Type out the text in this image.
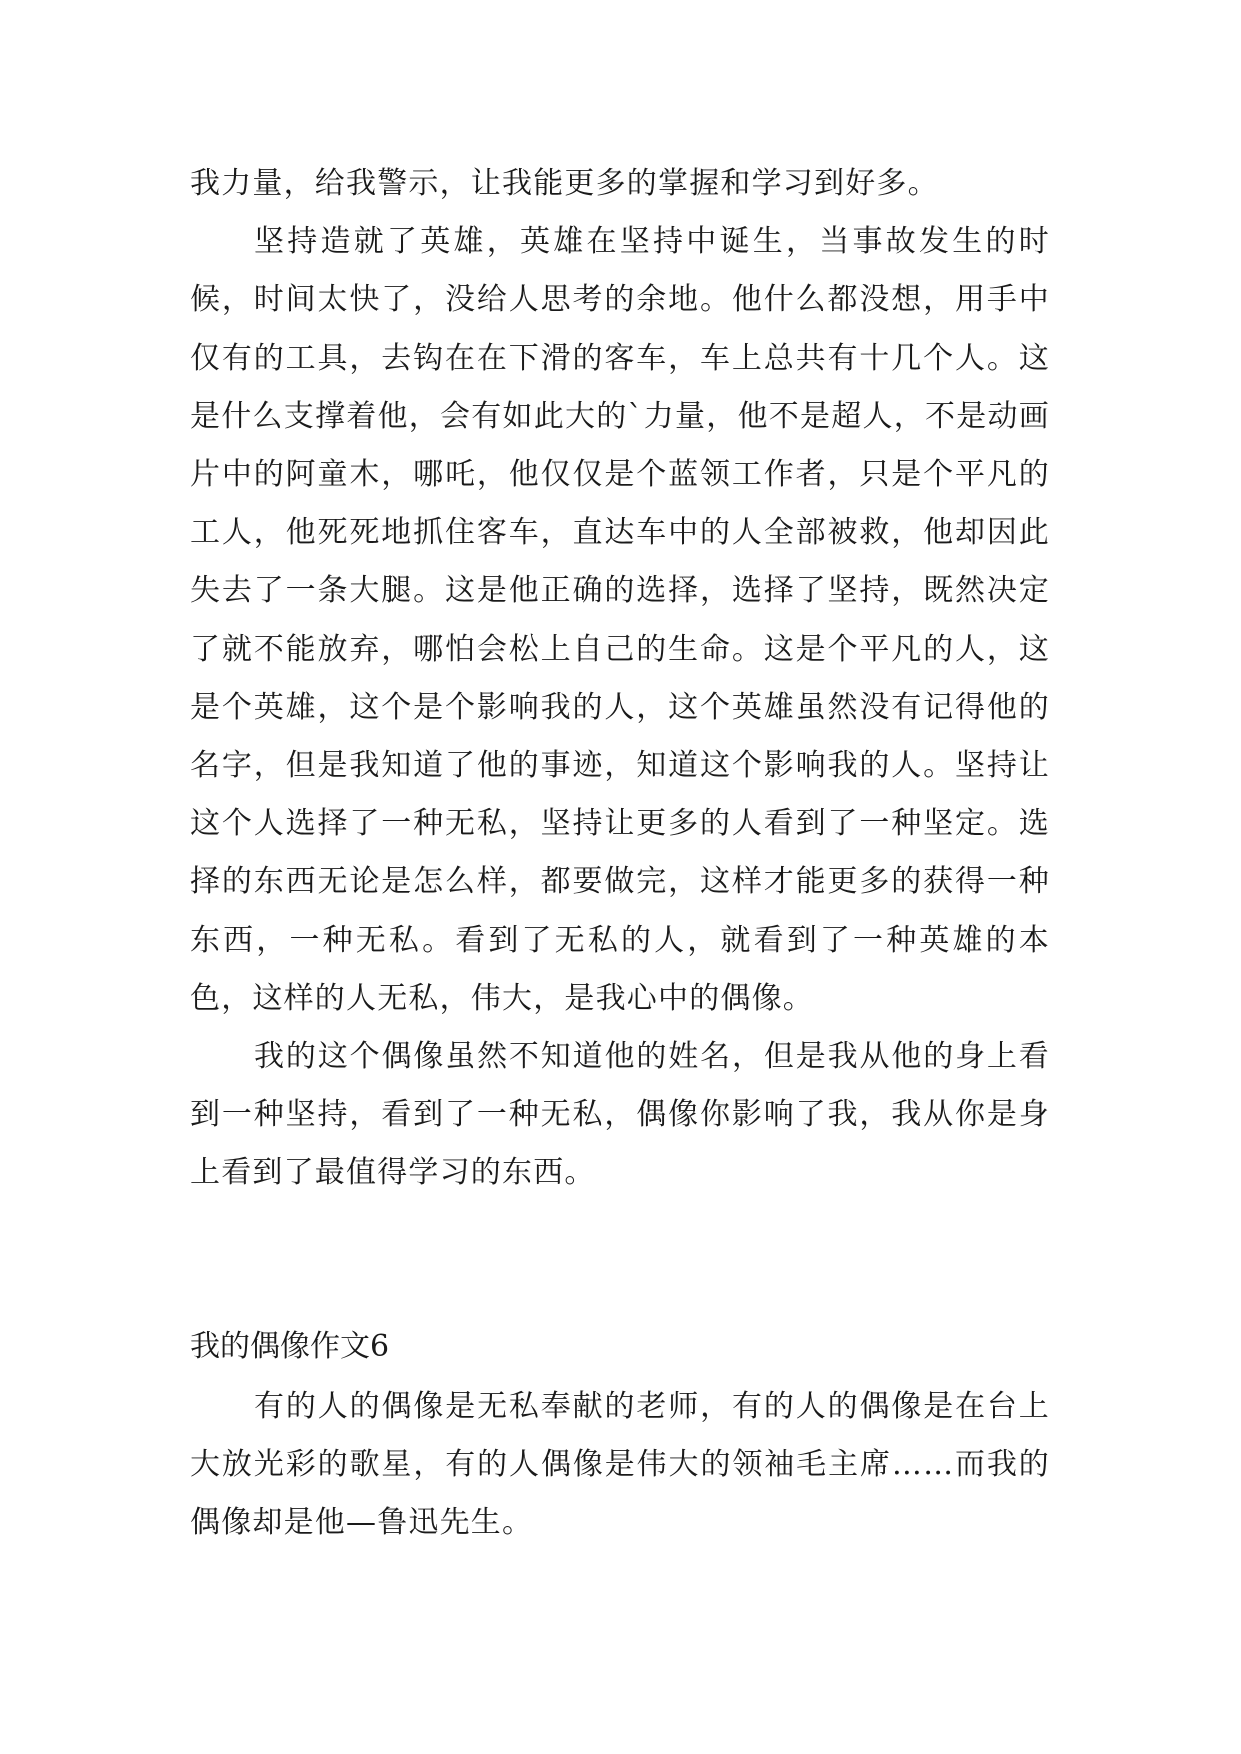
我力量，给我警示，让我能更多的掌握和学习到好多。

坚持造就了英雄，英雄在坚持中诞生，当事故发生的时候，时间太快了，没给人思考的余地。他什么都没想，用手中仅有的工具，去钩在在下滑的客车，车上总共有十几个人。这是什么支撑着他，会有如此大的`力量，他不是超人，不是动画片中的阿童木，哪吒，他仅仅是个蓝领工作者，只是个平凡的工人，他死死地抓住客车，直达车中的人全部被救，他却因此失去了一条大腿。这是他正确的选择，选择了坚持，既然决定了就不能放弃，哪怕会松上自己的生命。这是个平凡的人，这是个英雄，这个是个影响我的人，这个英雄虽然没有记得他的名字，但是我知道了他的事迹，知道这个影响我的人。坚持让这个人选择了一种无私，坚持让更多的人看到了一种坚定。选择的东西无论是怎么样，都要做完，这样才能更多的获得一种东西，一种无私。看到了无私的人，就看到了一种英雄的本色，这样的人无私，伟大，是我心中的偶像。

我的这个偶像虽然不知道他的姓名，但是我从他的身上看到一种坚持，看到了一种无私，偶像你影响了我，我从你是身上看到了最值得学习的东西。

我的偶像作文6

有的人的偶像是无私奉献的老师，有的人的偶像是在台上大放光彩的歌星，有的人偶像是伟大的领袖毛主席……而我的偶像却是他—鲁迅先生。
